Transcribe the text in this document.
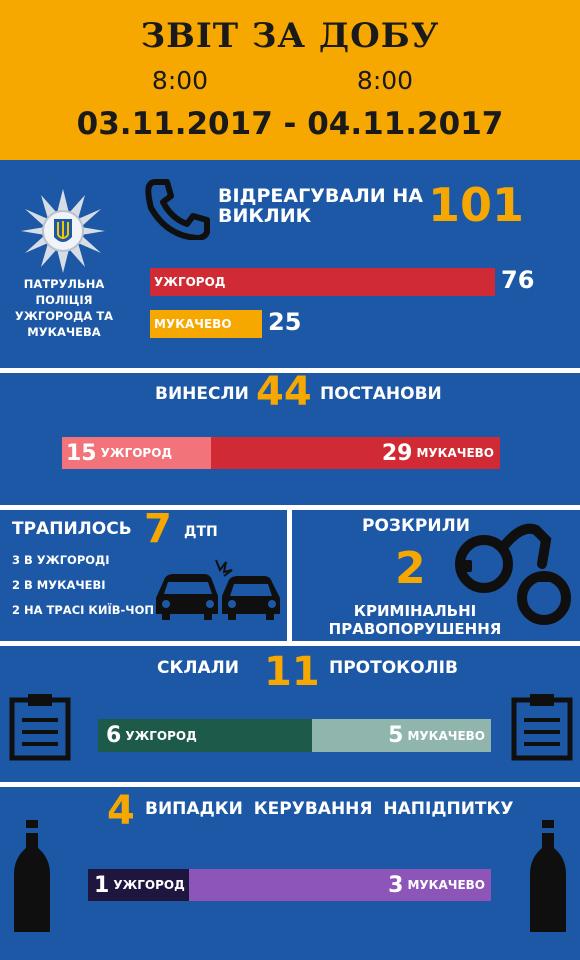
ЗВІТ ЗА ДОБУ
8:00	8:00
03.11.2017 - 04.11.2017
ПАТРУЛЬНА ПОЛІЦІЯ УЖГОРОДА ТА МУКАЧЕВА
ВІДРЕАГУВАЛИ НА ВИКЛИК	101
УЖГОРОД	76
МУКАЧЕВО 25
ВИНЕСЛИ 44 ПОСТАНОВИ
15 УЖГОРОД	29 МУКАЧЕВО
ТРАПИЛОСЬ 7 ДТП
3 В УЖГОРОДІ
2 В МУКАЧЕВІ
2 НА ТРАСІ КИЇВ-ЧОП
РОЗКРИЛИ
2
КРИМІНАЛЬНІ ПРАВОПОРУШЕННЯ
СКЛАЛИ 11 ПРОТОКОЛІВ
6 УЖГОРОД	5 МУКАЧЕВО
4 ВИПАДКИ КЕРУВАННЯ НАПІДПИТКУ
1 УЖГОРОД	3 МУКАЧЕВО
